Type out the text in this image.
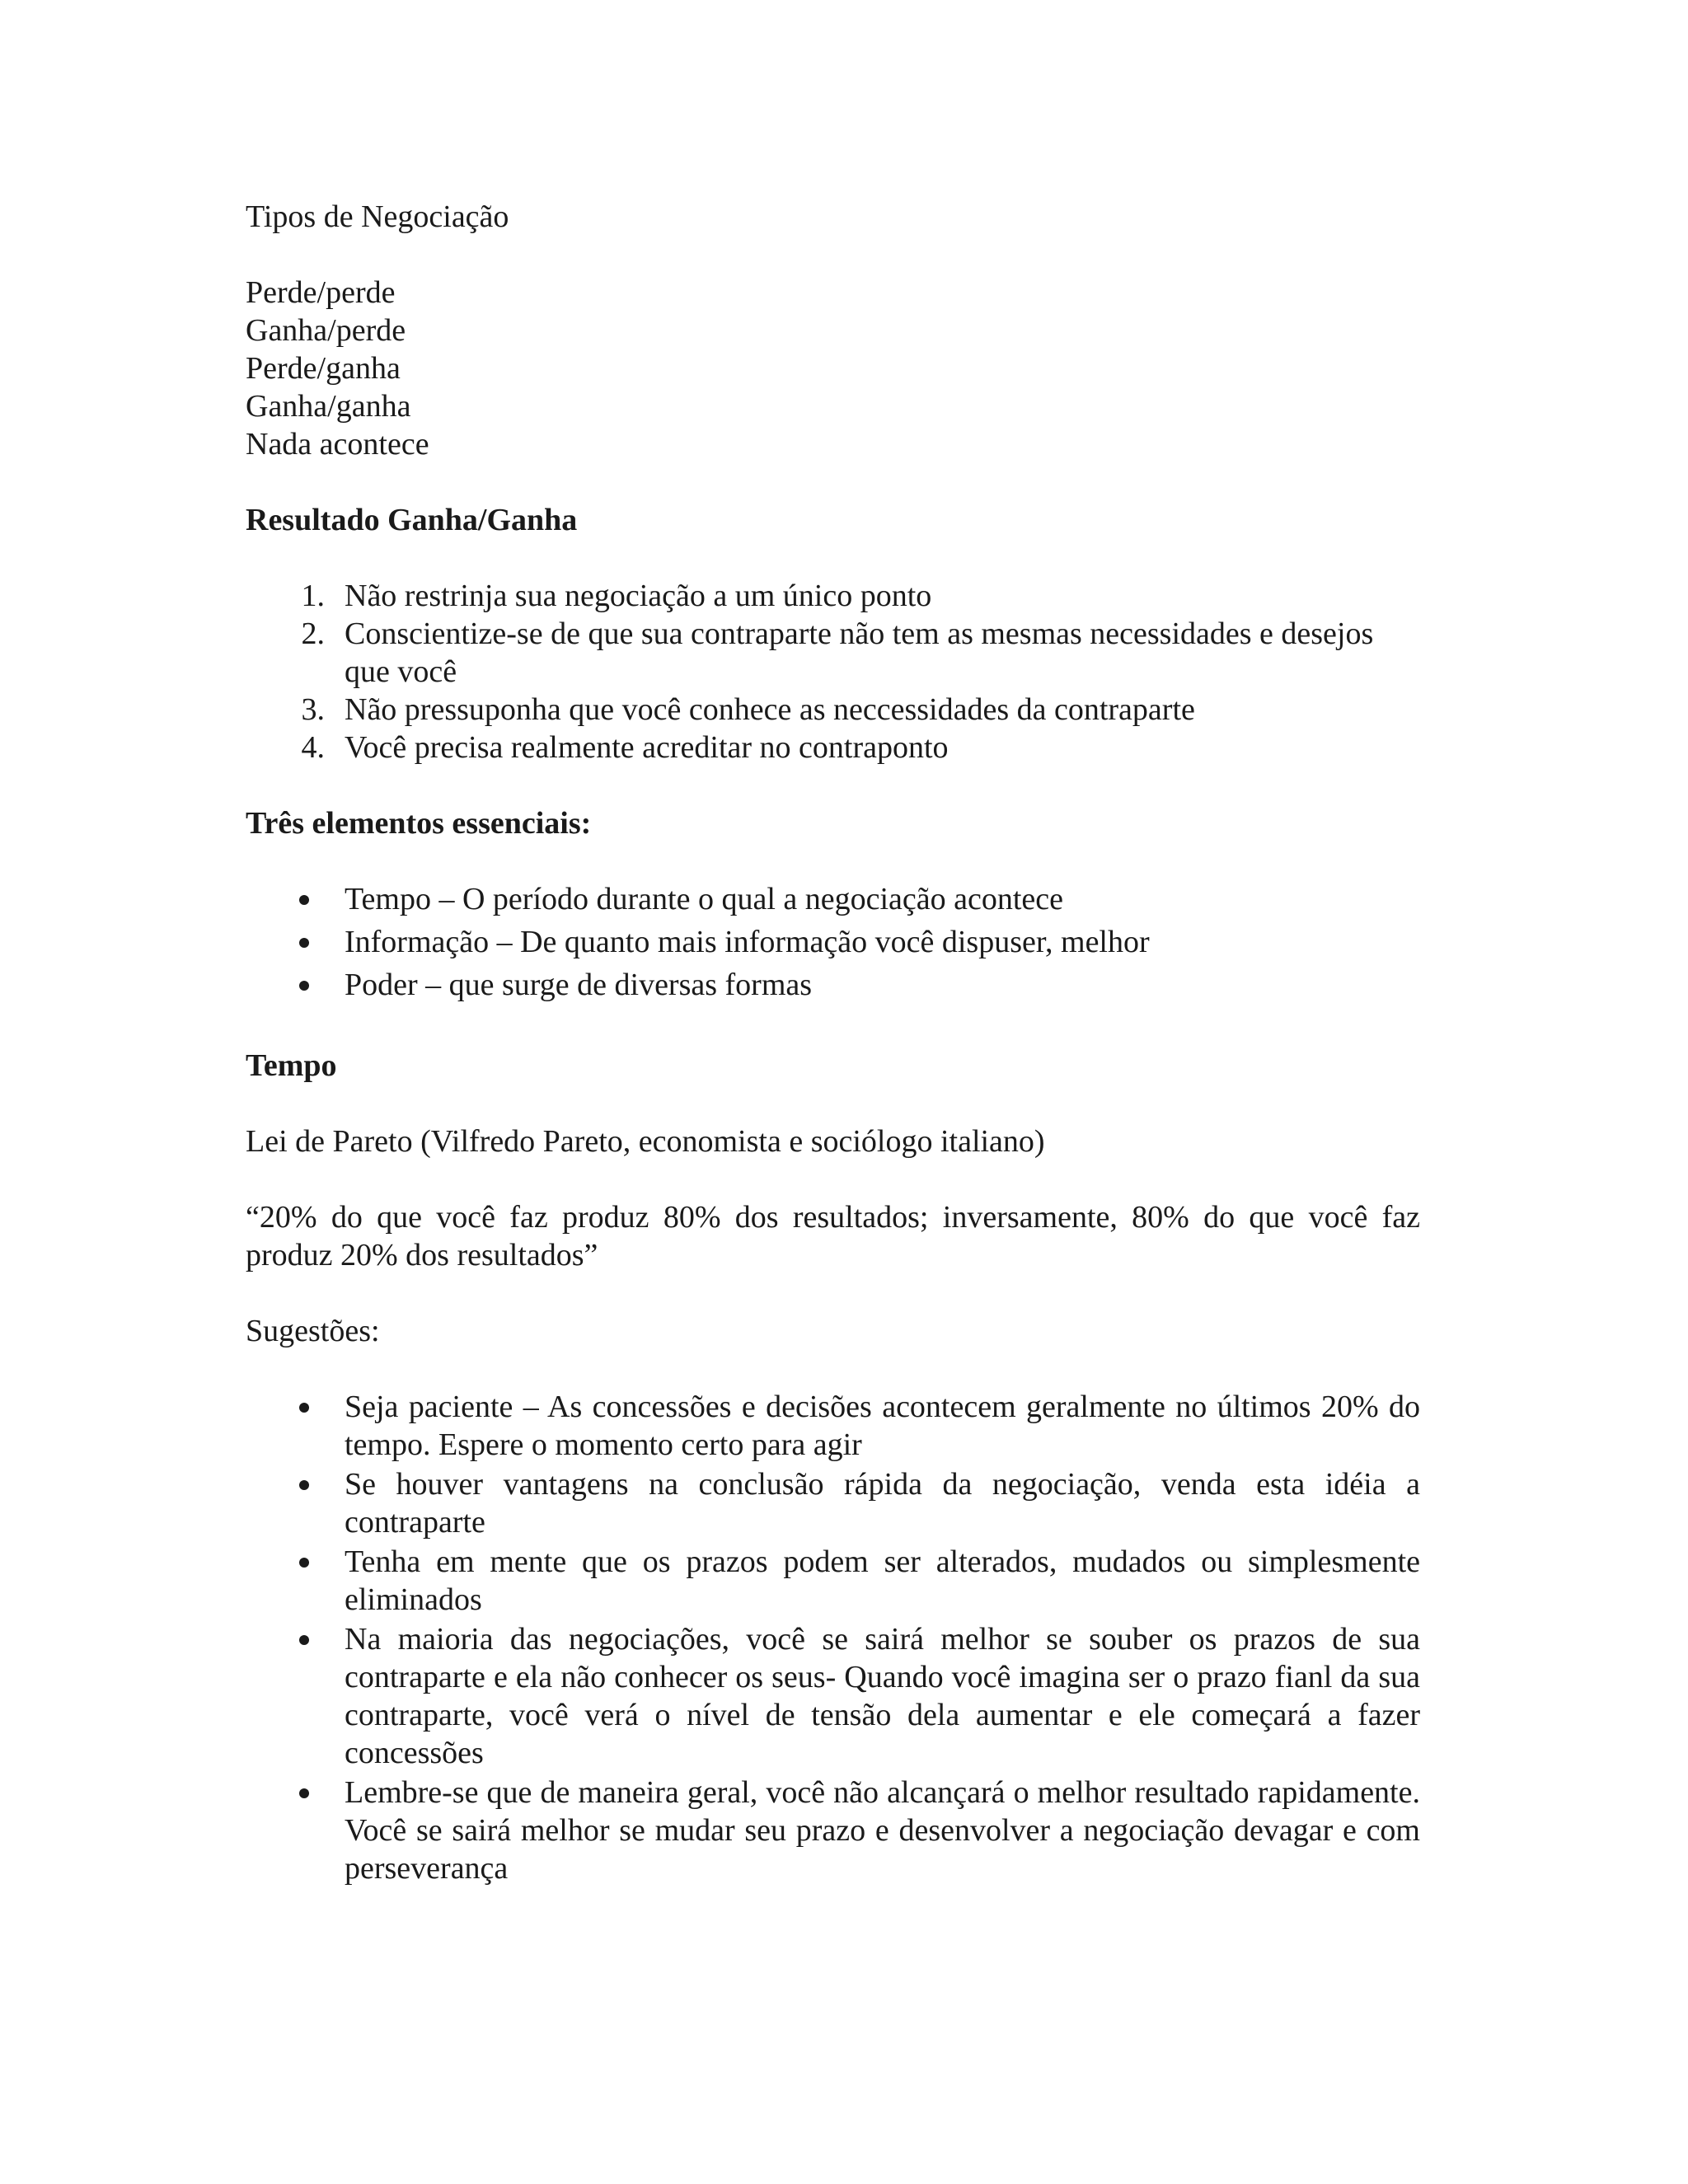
Tipos de Negociação

Perde/perde

Ganha/perde

Perde/ganha

Ganha/ganha

Nada acontece

Resultado Ganha/Ganha

1. Não restrinja sua negociação a um único ponto
2. Conscientize-se de que sua contraparte não tem as mesmas necessidades e desejos que você
3. Não pressuponha que você conhece as neccessidades da contraparte
4. Você precisa realmente acreditar no contraponto

Três elementos essenciais:

Tempo – O período durante o qual a negociação acontece
Informação – De quanto mais informação você dispuser, melhor
Poder – que surge de diversas formas

Tempo

Lei de Pareto (Vilfredo Pareto, economista e sociólogo italiano)

“20% do que você faz produz 80% dos resultados; inversamente, 80% do que você faz produz 20% dos resultados”

Sugestões:

Seja paciente – As concessões e decisões acontecem geralmente no últimos 20% do tempo. Espere o momento certo para agir
Se houver vantagens na conclusão rápida da negociação, venda esta idéia a contraparte
Tenha em mente que os prazos podem ser alterados, mudados ou simplesmente eliminados
Na maioria das negociações, você se sairá melhor se souber os prazos de sua contraparte e ela não conhecer os seus- Quando você imagina ser o prazo fianl da sua contraparte, você verá o nível de tensão dela aumentar e ele começará a fazer concessões
Lembre-se que de maneira geral, você não alcançará o melhor resultado rapidamente. Você se sairá melhor se mudar seu prazo e desenvolver a negociação devagar e com perseverança
